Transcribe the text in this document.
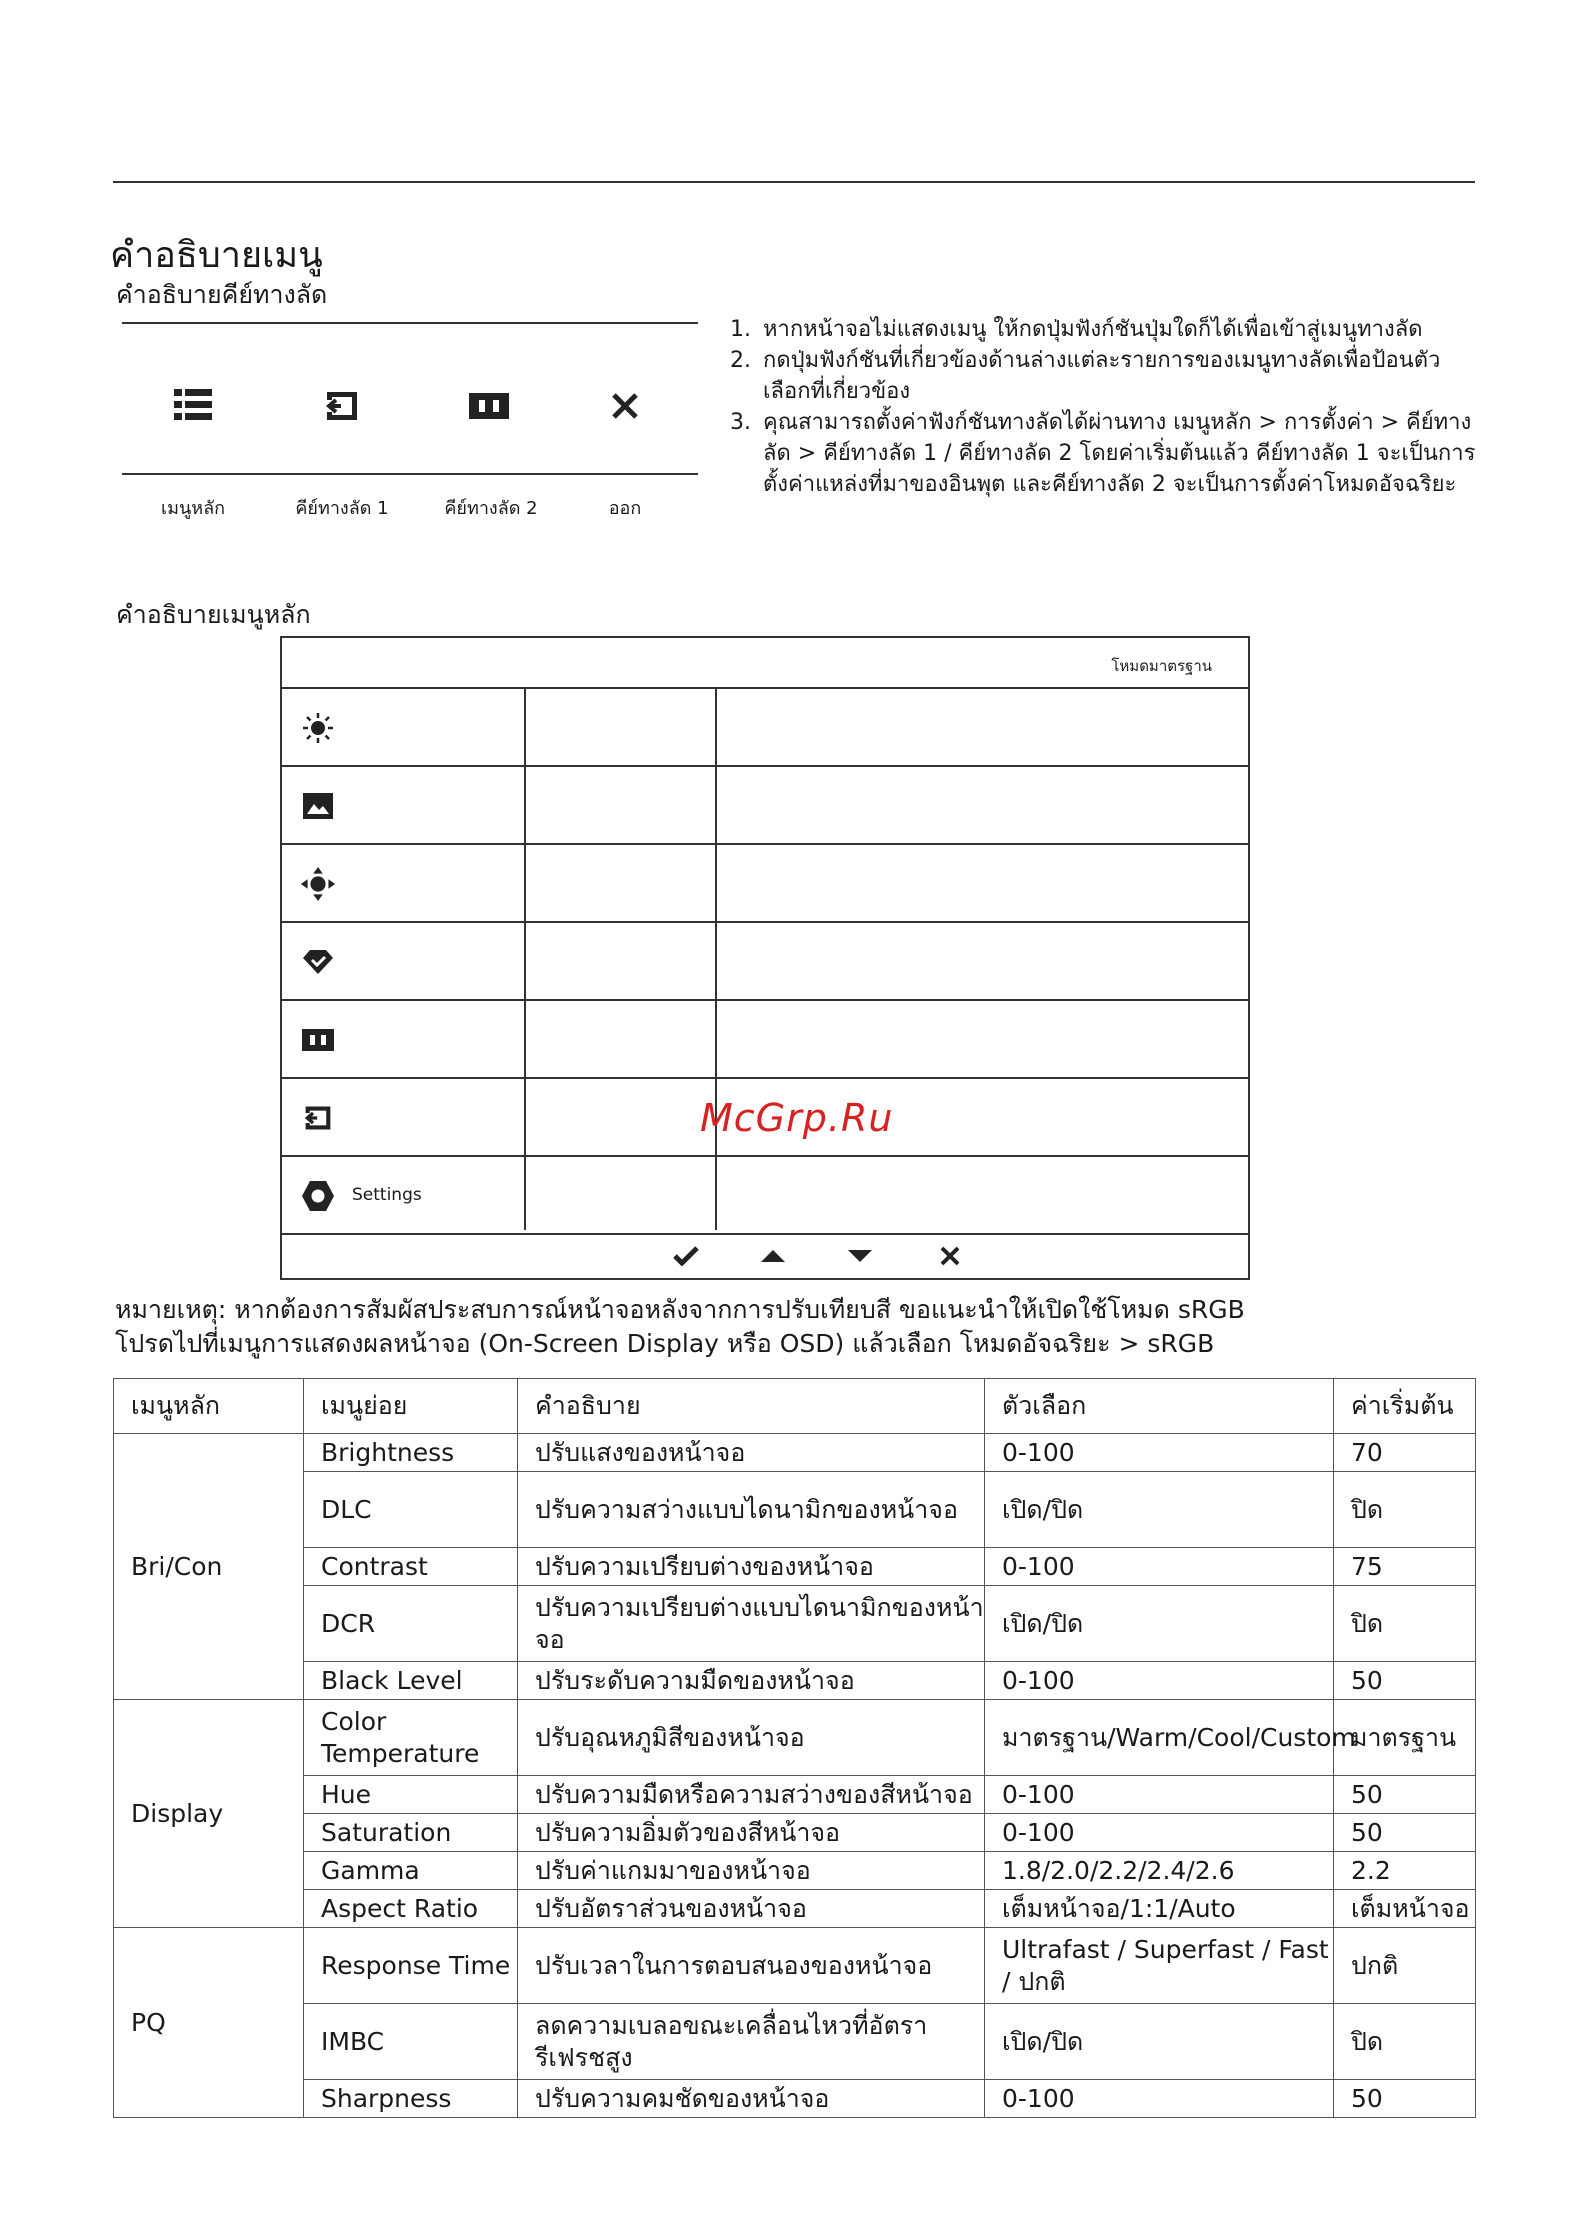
คำอธิบายเมนู
คำอธิบายคีย์ทางลัด
เมนูหลัก	คีย์ทางลัด 1	คีย์ทางลัด 2	ออก
1. หากหน้าจอไม่แสดงเมนู ให้กดปุ่มฟังก์ชันปุ่มใดก็ได้เพื่อเข้าสู่เมนูทางลัด
2. กดปุ่มฟังก์ชันที่เกี่ยวข้องด้านล่างแต่ละรายการของเมนูทางลัดเพื่อป้อนตัวเลือกที่เกี่ยวข้อง
3. คุณสามารถตั้งค่าฟังก์ชันทางลัดได้ผ่านทาง เมนูหลัก > การตั้งค่า > คีย์ทางลัด > คีย์ทางลัด 1 / คีย์ทางลัด 2 โดยค่าเริ่มต้นแล้ว คีย์ทางลัด 1 จะเป็นการตั้งค่าแหล่งที่มาของอินพุต และคีย์ทางลัด 2 จะเป็นการตั้งค่าโหมดอัจฉริยะ
คำอธิบายเมนูหลัก
โหมดมาตรฐาน
Settings
McGrp.Ru
หมายเหตุ: หากต้องการสัมผัสประสบการณ์หน้าจอหลังจากการปรับเทียบสี ขอแนะนำให้เปิดใช้โหมด sRGB
โปรดไปที่เมนูการแสดงผลหน้าจอ (On-Screen Display หรือ OSD) แล้วเลือก โหมดอัจฉริยะ > sRGB
เมนูหลัก	เมนูย่อย	คำอธิบาย	ตัวเลือก	ค่าเริ่มต้น
Bri/Con	Brightness	ปรับแสงของหน้าจอ	0-100	70
	DLC	ปรับความสว่างแบบไดนามิกของหน้าจอ	เปิด/ปิด	ปิด
	Contrast	ปรับความเปรียบต่างของหน้าจอ	0-100	75
	DCR	ปรับความเปรียบต่างแบบไดนามิกของหน้าจอ	เปิด/ปิด	ปิด
	Black Level	ปรับระดับความมืดของหน้าจอ	0-100	50
Display	Color Temperature	ปรับอุณหภูมิสีของหน้าจอ	มาตรฐาน/Warm/Cool/Custom	มาตรฐาน
	Hue	ปรับความมืดหรือความสว่างของสีหน้าจอ	0-100	50
	Saturation	ปรับความอิ่มตัวของสีหน้าจอ	0-100	50
	Gamma	ปรับค่าแกมมาของหน้าจอ	1.8/2.0/2.2/2.4/2.6	2.2
	Aspect Ratio	ปรับอัตราส่วนของหน้าจอ	เต็มหน้าจอ/1:1/Auto	เต็มหน้าจอ
PQ	Response Time	ปรับเวลาในการตอบสนองของหน้าจอ	Ultrafast / Superfast / Fast / ปกติ	ปกติ
	IMBC	ลดความเบลอขณะเคลื่อนไหวที่อัตรารีเฟรชสูง	เปิด/ปิด	ปิด
	Sharpness	ปรับความคมชัดของหน้าจอ	0-100	50
